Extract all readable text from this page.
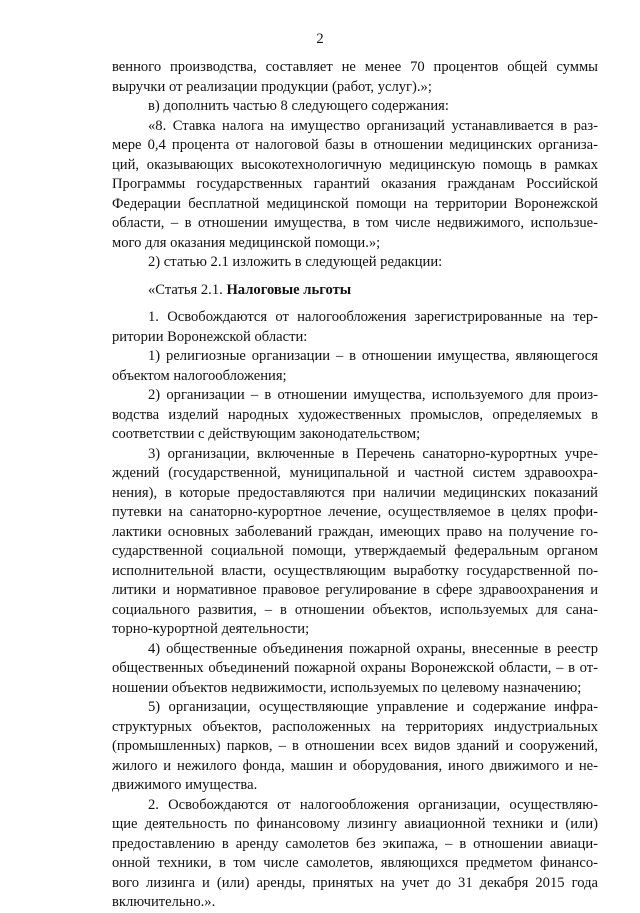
2
венного производства, составляет не менее 70 процентов общей суммы
выручки от реализации продукции (работ, услуг).»;
в) дополнить частью 8 следующего содержания:
«8. Ставка налога на имущество организаций устанавливается в раз-
мере 0,4 процента от налоговой базы в отношении медицинских организа-
ций, оказывающих высокотехнологичную медицинскую помощь в рамках
Программы государственных гарантий оказания гражданам Российской
Федерации бесплатной медицинской помощи на территории Воронежской
области, – в отношении имущества, в том числе недвижимого, использue-
мого для оказания медицинской помощи.»;
2) статью 2.1 изложить в следующей редакции:
«Статья 2.1. Налоговые льготы
1. Освобождаются от налогообложения зарегистрированные на тер-
ритории Воронежской области:
1) религиозные организации – в отношении имущества, являющегося
объектом налогообложения;
2) организации – в отношении имущества, используемого для произ-
водства изделий народных художественных промыслов, определяемых в
соответствии с действующим законодательством;
3) организации, включенные в Перечень санаторно-курортных учре-
ждений (государственной, муниципальной и частной систем здравоохра-
нения), в которые предоставляются при наличии медицинских показаний
путевки на санаторно-курортное лечение, осуществляемое в целях профи-
лактики основных заболеваний граждан, имеющих право на получение го-
сударственной социальной помощи, утверждаемый федеральным органом
исполнительной власти, осуществляющим выработку государственной по-
литики и нормативное правовое регулирование в сфере здравоохранения и
социального развития, – в отношении объектов, используемых для сана-
торно-курортной деятельности;
4) общественные объединения пожарной охраны, внесенные в реестр
общественных объединений пожарной охраны Воронежской области, – в от-
ношении объектов недвижимости, используемых по целевому назначению;
5) организации, осуществляющие управление и содержание инфра-
структурных объектов, расположенных на территориях индустриальных
(промышленных) парков, – в отношении всех видов зданий и сооружений,
жилого и нежилого фонда, машин и оборудования, иного движимого и не-
движимого имущества.
2. Освобождаются от налогообложения организации, осуществляю-
щие деятельность по финансовому лизингу авиационной техники и (или)
предоставлению в аренду самолетов без экипажа, – в отношении авиаци-
онной техники, в том числе самолетов, являющихся предметом финансо-
вого лизинга и (или) аренды, принятых на учет до 31 декабря 2015 года
включительно.».
